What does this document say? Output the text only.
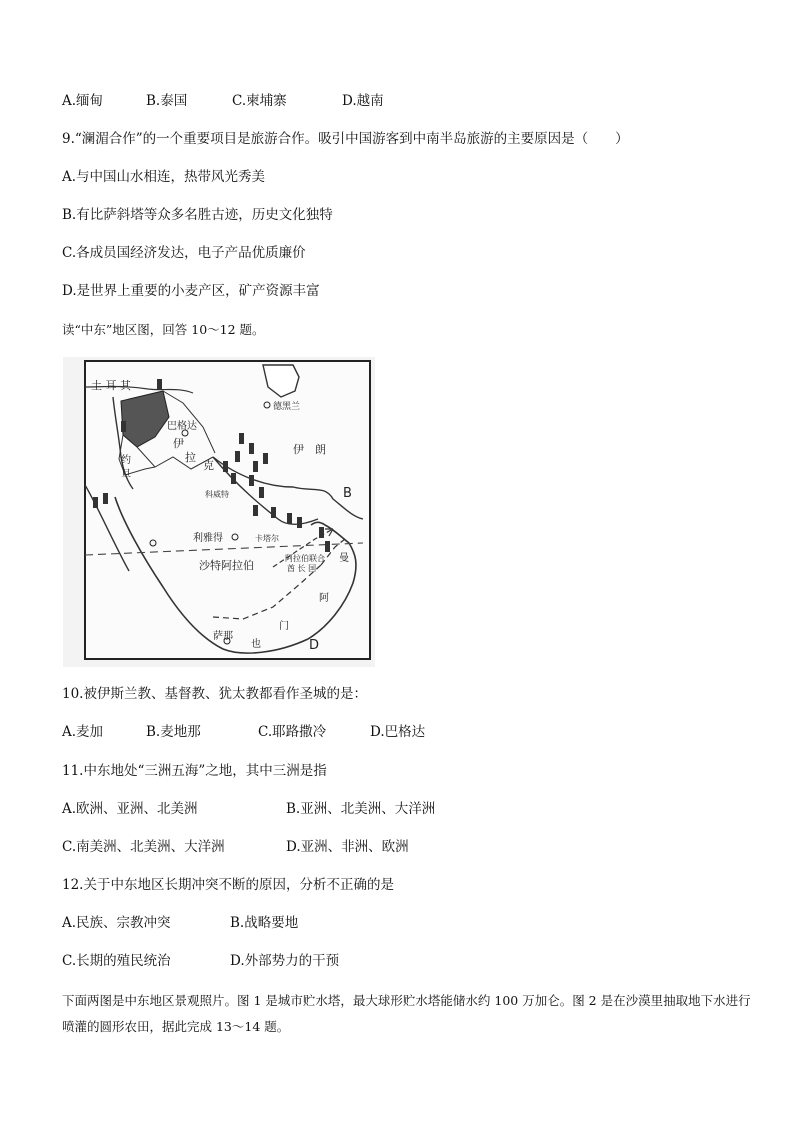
A.缅甸	B.泰国	C.柬埔寨	D.越南
9.“澜湄合作”的一个重要项目是旅游合作。吸引中国游客到中南半岛旅游的主要原因是（　　）
A.与中国山水相连，热带风光秀美
B.有比萨斜塔等众多名胜古迹，历史文化独特
C.各成员国经济发达，电子产品优质廉价
D.是世界上重要的小麦产区，矿产资源丰富
读“中东”地区图，回答 10～12 题。
土 耳 其
德黑兰
巴格达
伊
拉
克
伊 朗
约
旦
科威特
利雅得	卡塔尔
沙特阿拉伯
阿拉伯联合
酋 长 国
曼
阿
萨那
也
门
B
D
10.被伊斯兰教、基督教、犹太教都看作圣城的是：
A.麦加	B.麦地那	C.耶路撒冷	D.巴格达
11.中东地处“三洲五海”之地，其中三洲是指
A.欧洲、亚洲、北美洲	B.亚洲、北美洲、大洋洲
C.南美洲、北美洲、大洋洲	D.亚洲、非洲、欧洲
12.关于中东地区长期冲突不断的原因，分析不正确的是
A.民族、宗教冲突	B.战略要地
C.长期的殖民统治	D.外部势力的干预
下面两图是中东地区景观照片。图 1 是城市贮水塔，最大球形贮水塔能储水约 100 万加仑。图 2 是在沙漠里抽取地下水进行喷灌的圆形农田，据此完成 13～14 题。
